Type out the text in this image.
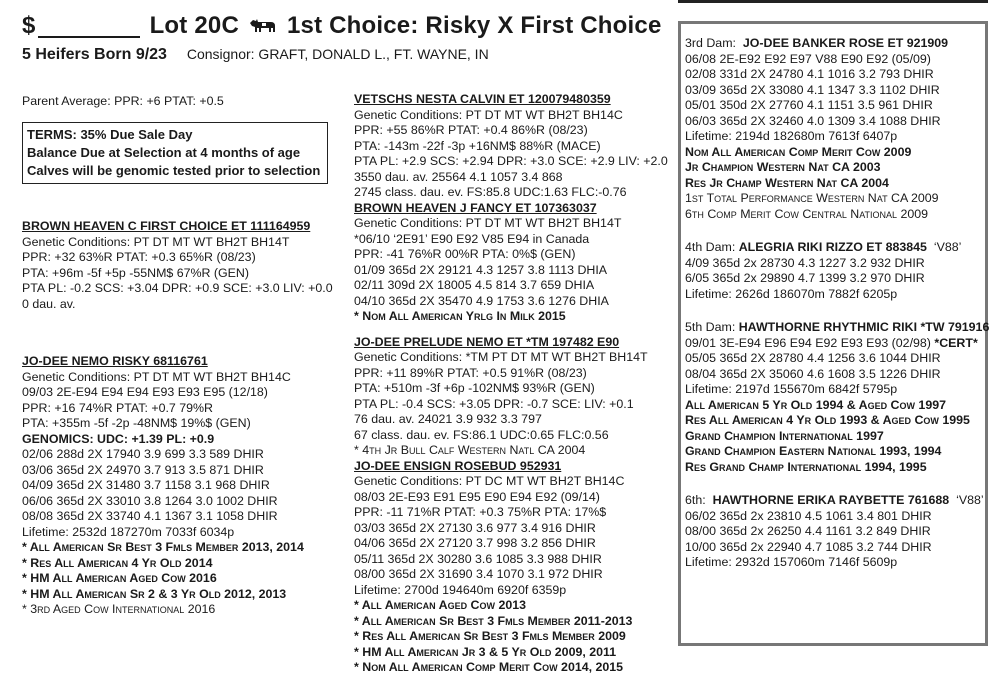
$	Lot 20C 1st Choice: Risky X First Choice
5 Heifers Born 9/23 Consignor: GRAFT, DONALD L., FT. WAYNE, IN
Parent Average: PPR: +6 PTAT: +0.5
TERMS: 35% Due Sale Day
Balance Due at Selection at 4 months of age
Calves will be genomic tested prior to selection
BROWN HEAVEN C FIRST CHOICE ET 111164959
Genetic Conditions: PT DT MT WT BH2T BH14T
PPR: +32 63%R PTAT: +0.3 65%R (08/23)
PTA: +96m -5f +5p -55NM$ 67%R (GEN)
PTA PL: -0.2 SCS: +3.04 DPR: +0.9 SCE: +3.0 LIV: +0.0
0 dau. av.
JO-DEE NEMO RISKY 68116761
Genetic Conditions: PT DT MT WT BH2T BH14C
09/03 2E-E94 E94 E94 E93 E93 E95 (12/18)
PPR: +16 74%R PTAT: +0.7 79%R
PTA: +355m -5f -2p -48NM$ 19%$ (GEN)
GENOMICS: UDC: +1.39 PL: +0.9
02/06 288d 2X 17940 3.9 699 3.3 589 DHIR
03/06 365d 2X 24970 3.7 913 3.5 871 DHIR
04/09 365d 2X 31480 3.7 1158 3.1 968 DHIR
06/06 365d 2X 33010 3.8 1264 3.0 1002 DHIR
08/08 365d 2X 33740 4.1 1367 3.1 1058 DHIR
Lifetime: 2532d 187270m 7033f 6034p
* All American Sr Best 3 Fmls Member 2013, 2014
* Res All American 4 Yr Old 2014
* HM All American Aged Cow 2016
* HM All American Sr 2 & 3 Yr Old 2012, 2013
* 3rd Aged Cow International 2016
VETSCHS NESTA CALVIN ET 120079480359
Genetic Conditions: PT DT MT WT BH2T BH14C
PPR: +55 86%R PTAT: +0.4 86%R (08/23)
PTA: -143m -22f -3p +16NM$ 88%R (MACE)
PTA PL: +2.9 SCS: +2.94 DPR: +3.0 SCE: +2.9 LIV: +2.0
3550 dau. av. 25564 4.1 1057 3.4 868
2745 class. dau. ev. FS:85.8 UDC:1.63 FLC:-0.76
BROWN HEAVEN J FANCY ET 107363037
Genetic Conditions: PT DT MT WT BH2T BH14T
*06/10 ‘2E91’ E90 E92 V85 E94 in Canada
PPR: -41 76%R 00%R PTA: 0%$ (GEN)
01/09 365d 2X 29121 4.3 1257 3.8 1113 DHIA
02/11 309d 2X 18005 4.5 814 3.7 659 DHIA
04/10 365d 2X 35470 4.9 1753 3.6 1276 DHIA
* Nom All American Yrlg In Milk 2015
JO-DEE PRELUDE NEMO ET *TM 197482 E90
Genetic Conditions: *TM PT DT MT WT BH2T BH14T
PPR: +11 89%R PTAT: +0.5 91%R (08/23)
PTA: +510m -3f +6p -102NM$ 93%R (GEN)
PTA PL: -0.4 SCS: +3.05 DPR: -0.7 SCE: LIV: +0.1
76 dau. av. 24021 3.9 932 3.3 797
67 class. dau. ev. FS:86.1 UDC:0.65 FLC:0.56
* 4th Jr Bull Calf Western Natl CA 2004
JO-DEE ENSIGN ROSEBUD 952931
Genetic Conditions: PT DC MT WT BH2T BH14C
08/03 2E-E93 E91 E95 E90 E94 E92 (09/14)
PPR: -11 71%R PTAT: +0.3 75%R PTA: 17%$
03/03 365d 2X 27130 3.6 977 3.4 916 DHIR
04/06 365d 2X 27120 3.7 998 3.2 856 DHIR
05/11 365d 2X 30280 3.6 1085 3.3 988 DHIR
08/00 365d 2X 31690 3.4 1070 3.1 972 DHIR
Lifetime: 2700d 194640m 6920f 6359p
* All American Aged Cow 2013
* All American Sr Best 3 Fmls Member 2011-2013
* Res All American Sr Best 3 Fmls Member 2009
* HM All American Jr 3 & 5 Yr Old 2009, 2011
* Nom All American Comp Merit Cow 2014, 2015
3rd Dam: JO-DEE BANKER ROSE ET 921909
06/08 2E-E92 E92 E97 V88 E90 E92 (05/09)
02/08 331d 2X 24780 4.1 1016 3.2 793 DHIR
03/09 365d 2X 33080 4.1 1347 3.3 1102 DHIR
05/01 350d 2X 27760 4.1 1151 3.5 961 DHIR
06/03 365d 2X 32460 4.0 1309 3.4 1088 DHIR
Lifetime: 2194d 182680m 7613f 6407p
Nom All American Comp Merit Cow 2009
Jr Champion Western Nat CA 2003
Res Jr Champ Western Nat CA 2004
1st Total Performance Western Nat CA 2009
6th Comp Merit Cow Central National 2009
4th Dam: ALEGRIA RIKI RIZZO ET 883845 ‘V88’
4/09 365d 2x 28730 4.3 1227 3.2 932 DHIR
6/05 365d 2x 29890 4.7 1399 3.2 970 DHIR
Lifetime: 2626d 186070m 7882f 6205p
5th Dam: HAWTHORNE RHYTHMIC RIKI *TW 791916
09/01 3E-E94 E96 E94 E92 E93 E93 (02/98) *CERT*
05/05 365d 2X 28780 4.4 1256 3.6 1044 DHIR
08/04 365d 2X 35060 4.6 1608 3.5 1226 DHIR
Lifetime: 2197d 155670m 6842f 5795p
All American 5 Yr Old 1994 & Aged Cow 1997
Res All American 4 Yr Old 1993 & Aged Cow 1995
Grand Champion International 1997
Grand Champion Eastern National 1993, 1994
Res Grand Champ International 1994, 1995
6th: HAWTHORNE ERIKA RAYBETTE 761688 ‘V88’
06/02 365d 2x 23810 4.5 1061 3.4 801 DHIR
08/00 365d 2x 26250 4.4 1161 3.2 849 DHIR
10/00 365d 2x 22940 4.7 1085 3.2 744 DHIR
Lifetime: 2932d 157060m 7146f 5609p
